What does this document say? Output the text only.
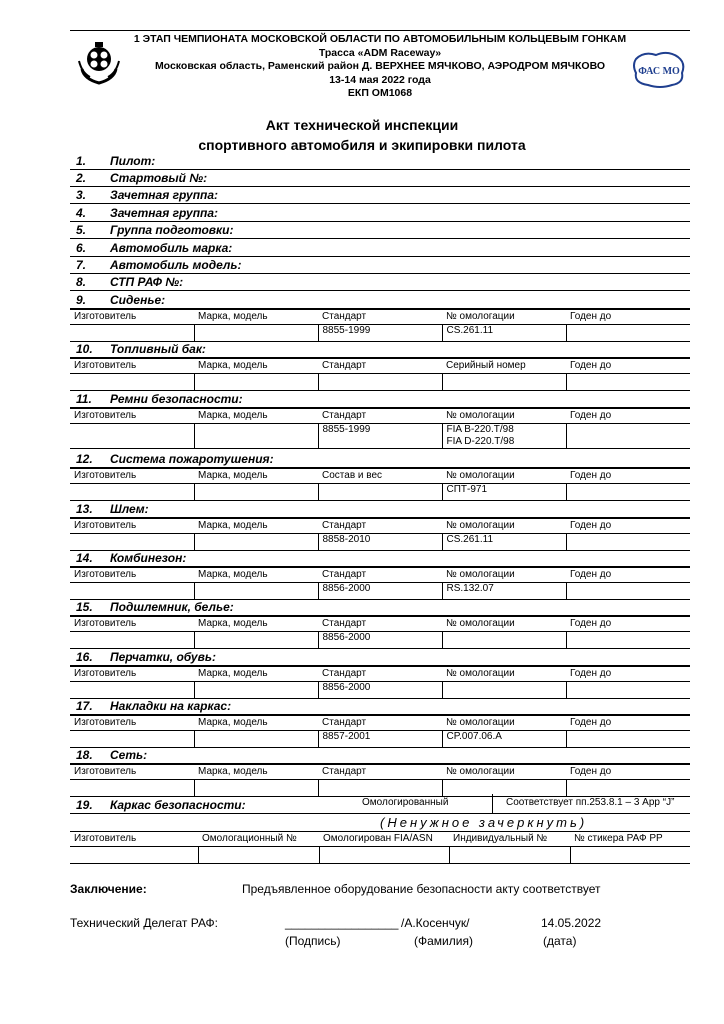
1 ЭТАП ЧЕМПИОНАТА МОСКОВСКОЙ ОБЛАСТИ ПО АВТОМОБИЛЬНЫМ КОЛЬЦЕВЫМ ГОНКАМ
Трасса «ADM Raceway»
Московская область, Раменский район Д. ВЕРХНЕЕ МЯЧКОВО, АЭРОДРОМ МЯЧКОВО
13-14 мая 2022 года
ЕКП ОМ1068
ФАС МО
Акт технической инспекции
спортивного автомобиля и экипировки пилота
1. Пилот:
2. Стартовый №:
3. Зачетная группа:
4. Зачетная группа:
5. Группа подготовки:
6. Автомобиль марка:
7. Автомобиль модель:
8. СТП РАФ №:
9. Сиденье:
Изготовитель	Марка, модель	Стандарт	№ омологации	Годен до

		8855-1999	CS.261.11	

10. Топливный бак:
Изготовитель	Марка, модель	Стандарт	Серийный номер	Годен до

11. Ремни безопасности:
Изготовитель	Марка, модель	Стандарт	№ омологации	Годен до

		8855-1999	FIA B-220.T/98
FIA D-220.T/98	

12. Система пожаротушения:
Изготовитель	Марка, модель	Состав и вес	№ омологации	Годен до

			СПТ-971	

13. Шлем:
Изготовитель	Марка, модель	Стандарт	№ омологации	Годен до

		8858-2010	CS.261.11	

14. Комбинезон:
Изготовитель	Марка, модель	Стандарт	№ омологации	Годен до

		8856-2000	RS.132.07	

15. Подшлемник, белье:
Изготовитель	Марка, модель	Стандарт	№ омологации	Годен до

		8856-2000		

16. Перчатки, обувь:
Изготовитель	Марка, модель	Стандарт	№ омологации	Годен до

		8856-2000		

17. Накладки на каркас:
Изготовитель	Марка, модель	Стандарт	№ омологации	Годен до

		8857-2001	CP.007.06.A	

18. Сеть:
Изготовитель	Марка, модель	Стандарт	№ омологации	Годен до

19. Каркас безопасности:	Омологированный	Соответствует пп.253.8.1 – 3 App “J”
(Ненужное зачеркнуть)
Изготовитель	Омологационный №	Омологирован FIA/ASN	Индивидуальный №	№ стикера РАФ РР

Заключение:	Предъявленное оборудование безопасности акту соответствует
Технический Делегат РАФ:	_________________ /А.Косенчук/	14.05.2022
(Подпись)	(Фамилия)	(дата)
